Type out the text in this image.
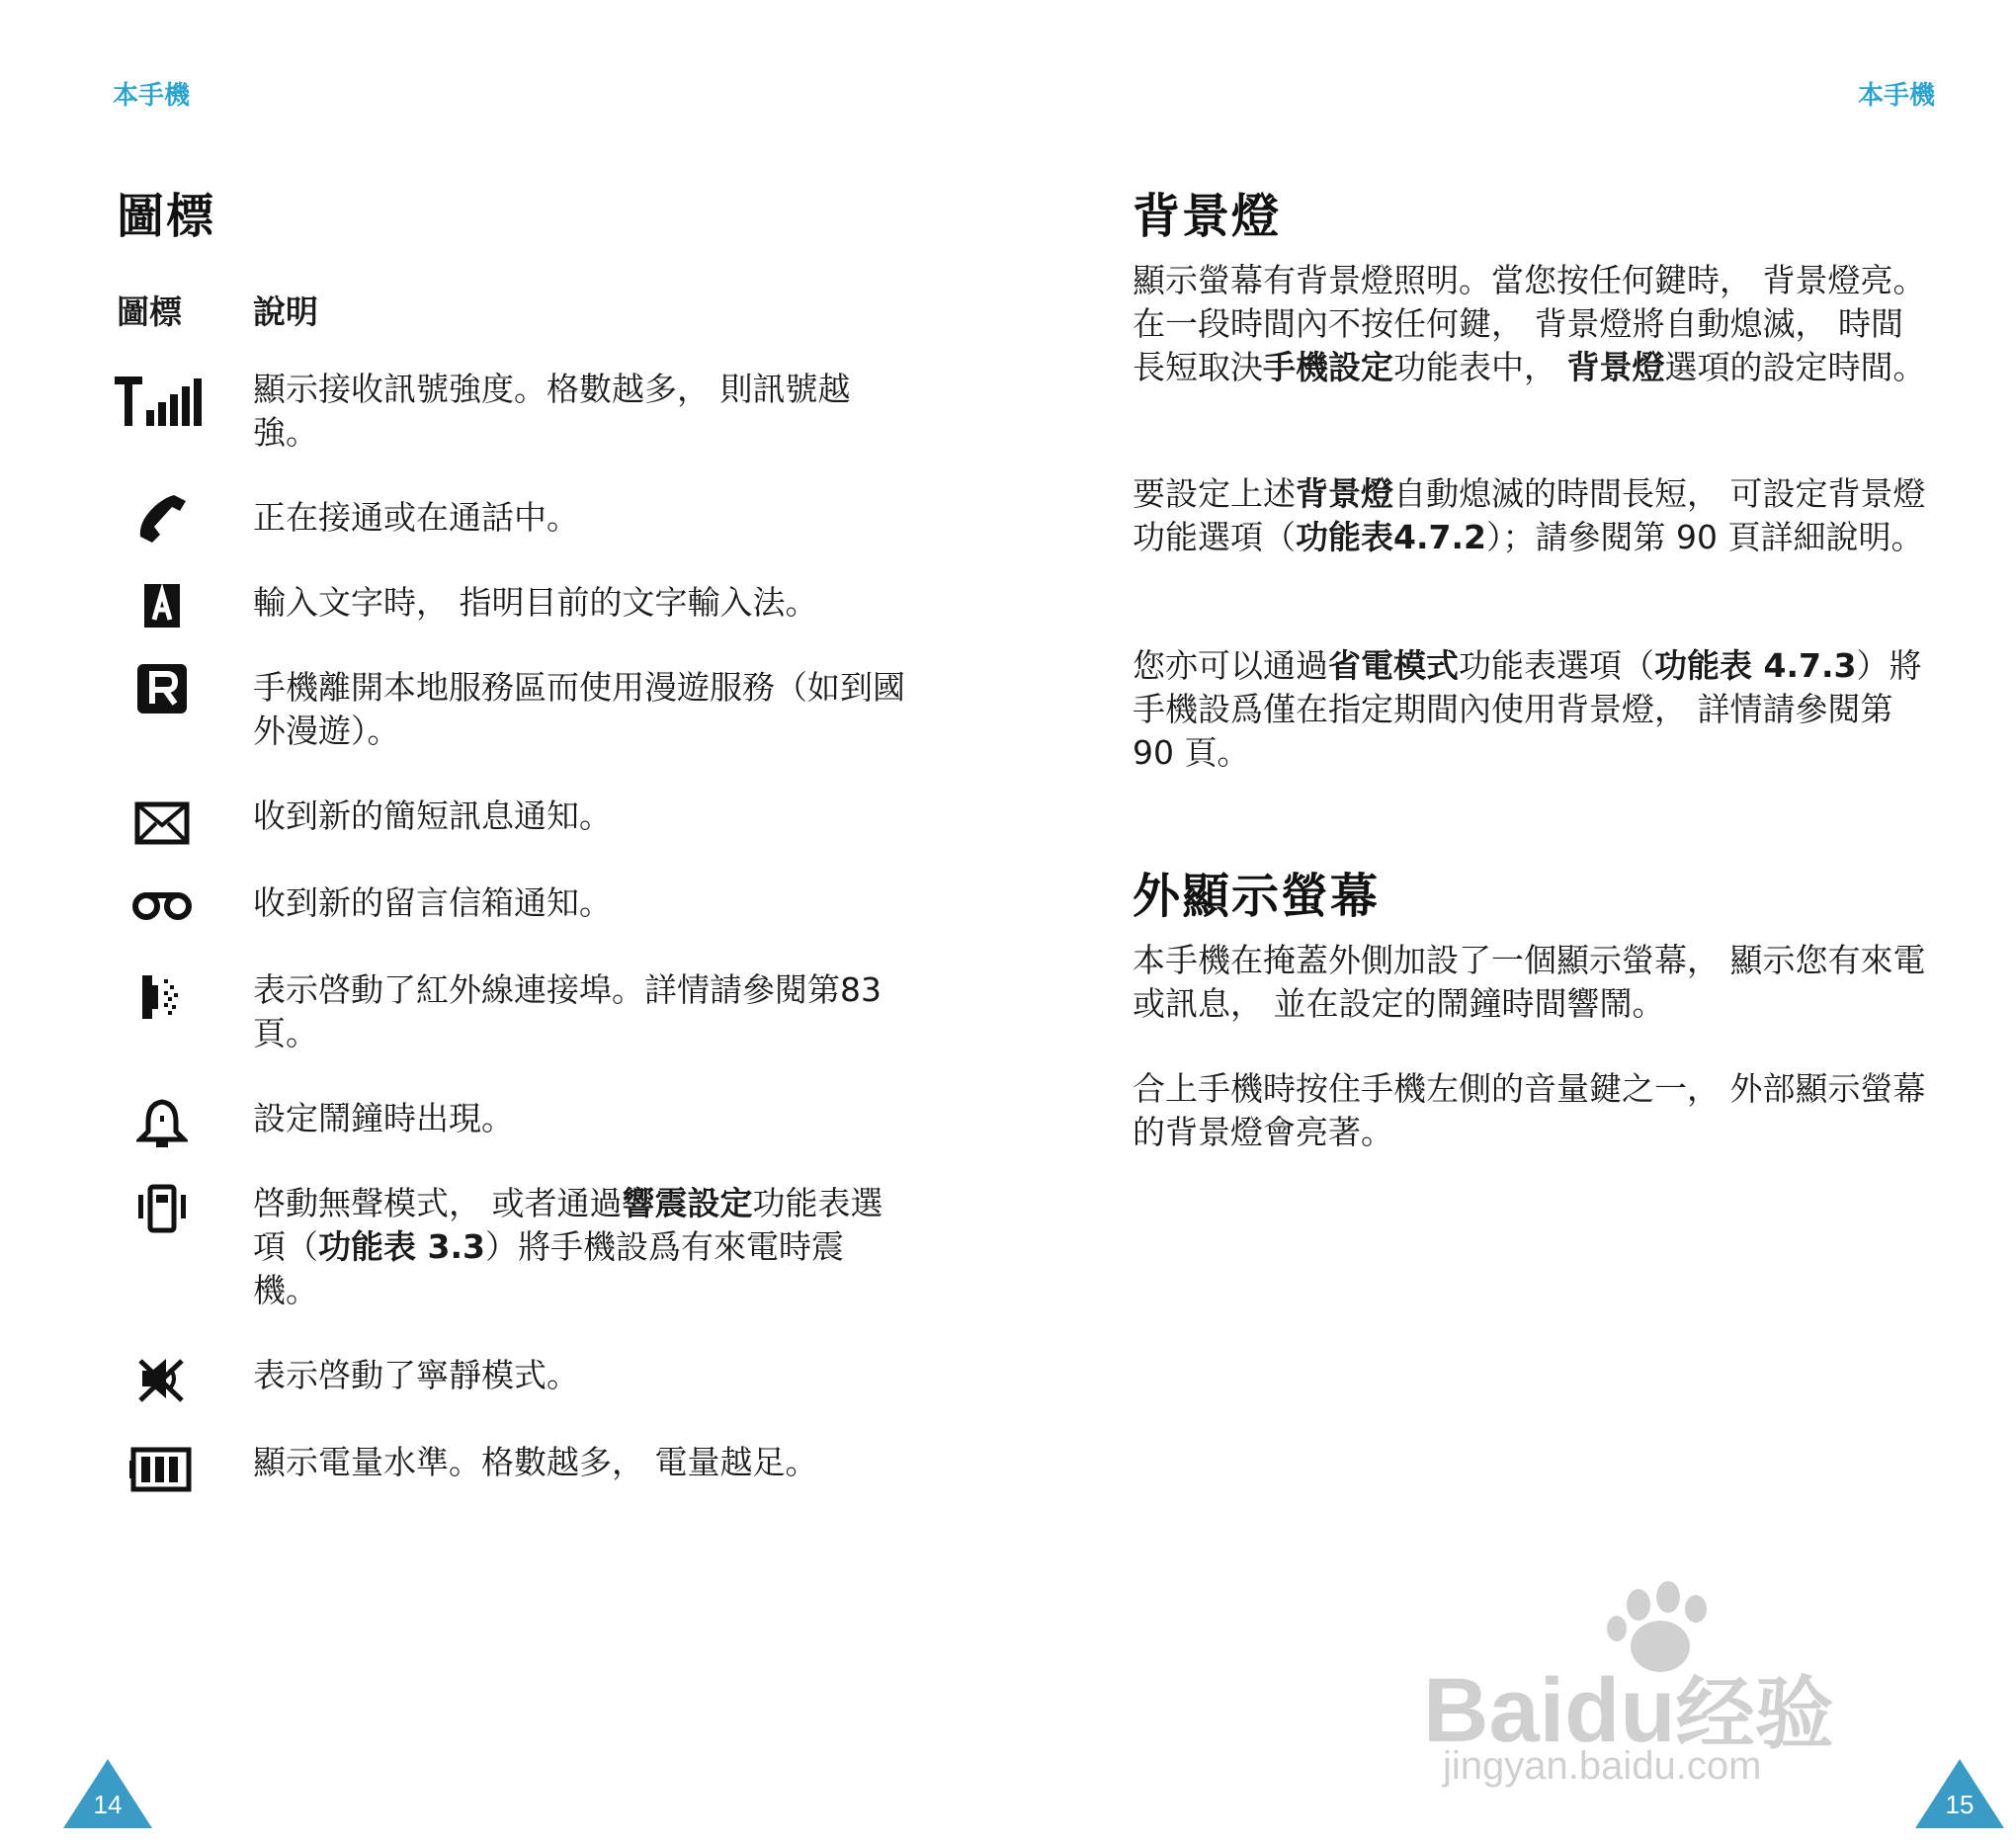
本手機
圖標
圖標 說明
顯示接收訊號強度。格數越多， 則訊號越強。
正在接通或在通話中。
輸入文字時， 指明目前的文字輸入法。
手機離開本地服務區而使用漫遊服務（如到國外漫遊）。
收到新的簡短訊息通知。
收到新的留言信箱通知。
表示啓動了紅外線連接埠。詳情請參閱第83頁。
設定鬧鐘時出現。
啓動無聲模式， 或者通過響震設定功能表選項（功能表 3.3）將手機設爲有來電時震機。
表示啓動了寧靜模式。
顯示電量水準。格數越多， 電量越足。
14
本手機
背景燈

顯示螢幕有背景燈照明。當您按任何鍵時， 背景燈亮。在一段時間內不按任何鍵， 背景燈將自動熄滅， 時間長短取決手機設定功能表中， 背景燈選項的設定時間。

要設定上述背景燈自動熄滅的時間長短， 可設定背景燈功能選項（功能表4.7.2）；請參閱第 90 頁詳細說明。

您亦可以通過省電模式功能表選項（功能表 4.7.3）將手機設爲僅在指定期間內使用背景燈， 詳情請參閱第 90 頁。

外顯示螢幕

本手機在掩蓋外側加設了一個顯示螢幕， 顯示您有來電或訊息， 並在設定的鬧鐘時間響鬧。

合上手機時按住手機左側的音量鍵之一， 外部顯示螢幕的背景燈會亮著。

15
Baidu经验
jingyan.baidu.com
